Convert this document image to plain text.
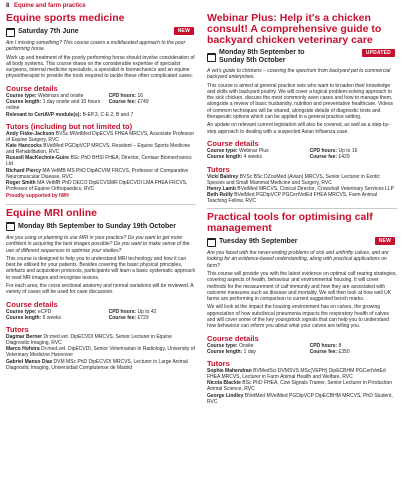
8 Equine and farm practice
Equine sports medicine
Saturday 7th June	NEW

Am I missing something? This course covers a multifaceted approach to the poor performing horse.

Work up and treatment of the poorly performing horse should involve consideration of all body systems. This course draws on the considerable expertise of specialist surgeons, internal medicine specialists, a specialist in biomechanics and an equine physiotherapist to provide the tools required to tackle these often complicated cases.

Course details
Course type: Webinars and onsite	CPD hours: 16
Course length: 1 day onsite and 10 hours online
Course fee: £749
Relevant to CertAVP module(s): B-EP.3, C-E.2, B and 7
Tutors (including but not limited to)

Andy Fiske-Jackson BVSc MVetMed DipECVS FHEA MRCVS, Associate Professor of Equine Surgery, RVC

Kate Hancocks BVetMed PGDipVCP MRCVS, Resident – Equine Sports Medicine and Rehabilitation, RVC

Russell MacKechnie-Guire BSc PhD BHSI FHEA, Director, Centaur Biomechanics Ltd

Richard Piercy MA VetMB MS PhD DipACVIM FRCVS, Professor of Comparative Neuromuscular Disease, RVC

Roger Smith MA VetMB PhD DECO DipECVSMR DipECVDI LMA FHEA FRCVS, Professor of Equine Orthopaedics, RVC

Proudly supported by IWH
Equine MRI online
Monday 8th September to Sunday 19th October

Are you using or planning to use MRI in your practice? Do you want to get more confident in acquiring the best images possible? Do you want to make sense of the use of different sequences to optimise your studies?

This course is designed to help you to understand MRI technology and how it can best be utilised for your patients. Besides covering the basic physical principles, artefacts and acquisition protocols, participants will learn a basic systematic approach to read MR images and recognise lesions.

For each area, the cross sectional anatomy and normal variations will be reviewed. A variety of cases will be used for case discussion.

Course details
Course type: eCPD	CPD hours: Up to 42
Course length: 6 weeks	Course fee: £729
Tutors

Dagmar Berner Dr.med.vet. DipECVDI MRCVS, Senior Lecturer in Equine Diagnostic Imaging, RVC

Marco Hofstra Dr.med.vet. DipECVDI, Senior Veterinarian in Radiology, University of Veterinary Medicine Hannover

Gabriel Manso Díaz DVM MSc PhD DipECVDI MRCVS, Lecturer in Large Animal Diagnostic Imaging, Universidad Complutense de Madrid

Webinar Plus: Help it's a chicken consult! A comprehensive guide to backyard chicken veterinary care
Monday 8th September to Sunday 5th October
UPDATED

A vet's guide to chickens – covering the spectrum from backyard pet to commercial backyard enterprises.

This course is aimed at general practice vets who want to broaden their knowledge and skills with backyard poultry. We will cover a logical problem-solving approach to the sick chicken, discuss the most commonly seen cases and how to manage them, alongside a review of basic husbandry, nutrition and preventative healthcare. Videos of common techniques will be shared, alongside details of diagnostic tests and therapeutic options which can be applied in a general practice setting.

An update on relevant current legislation will also be covered, as well as a step-by-step approach to dealing with a suspected Avian influenza case.

Course details
Course type: Webinar Plus	CPD hours: Up to 16
Course length: 4 weeks	Course fee: £429
Tutors

Vicki Baldrey BVSc BSc DZooMed (Avian) MRCVS, Senior Lecturer in Exotic Species and Small Mammal Medicine and Surgery, RVC

Henry Lamb BVetMed MRCVS, Clinical Director, Crowshall Veterinary Services LLP

Beth Reilly BVetMed PGDipVCP PGCertVetEd FHEA MRCVS, Farm Animal Teaching Fellow, RVC

Practical tools for optimising calf management
Tuesday 9th September	NEW

Are you faced with the never-ending problems of sick and unthrifty calves, and are looking for an evidence-based understanding, along with practical applications on farm?

This course will provide you with the latest evidence on optimal calf rearing strategies, covering aspects of health, behaviour and environmental housing. It will cover methods for the measurement of calf immunity and how they are associated with outcome measures such as disease and mortality. We will then look at how well UK farms are performing in comparison to current suggested bench marks.

We will look at the impact the housing environment has on calves, the growing appreciation of how subclinical pneumonia impacts the respiratory health of calves and will cover some of the key youngstock signals that can help you to understand how behaviour can inform you about what your calves are telling you.

Course details
Course type: Onsite	CPD hours: 8
Course length: 1 day	Course fee: £350
Tutors

Sophie Mahendran BVMedSci DVMSVS MSc(VEPH) DipECBHM PGCertVetEd FHEA MRCVS, Lecturer in Farm Animal Health and Welfare, RVC

Nicola Blackie BSc PhD FHEA, Cow Signals Trainer, Senior Lecturer in Production Animal Science, RVC

George Lindley BVetMed MVetMed PGDipVCP DipECBHM MRCVS, PhD Student, RVC
